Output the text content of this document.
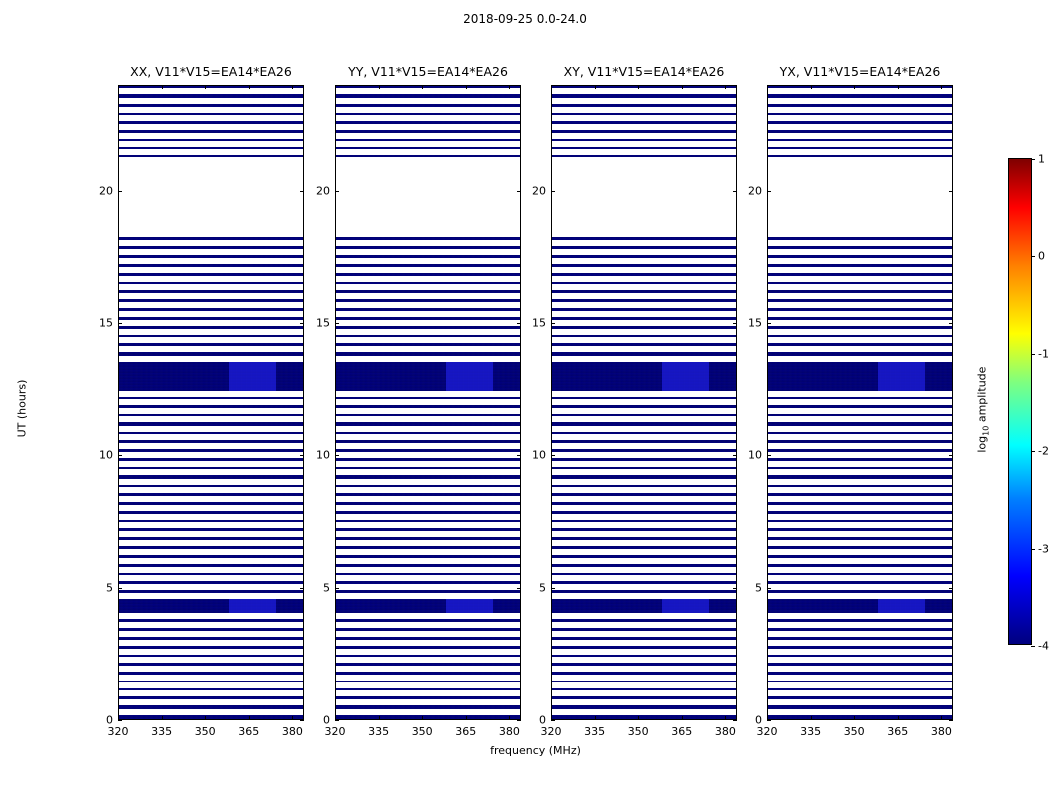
2018-09-25 0.0-24.0
XX, V11*V15=EA14*EA26
0
5
10
15
20
320 335 350 365 380
YY, V11*V15=EA14*EA26
0
5
10
15
20
320 335 350 365 380
XY, V11*V15=EA14*EA26
0
5
10
15
20
320 335 350 365 380
YX, V11*V15=EA14*EA26
0
5
10
15
20
320 335 350 365 380
UT (hours)
frequency (MHz)
-4
-3
-2
-1
0
1
$\log_{10}$ amplitude
